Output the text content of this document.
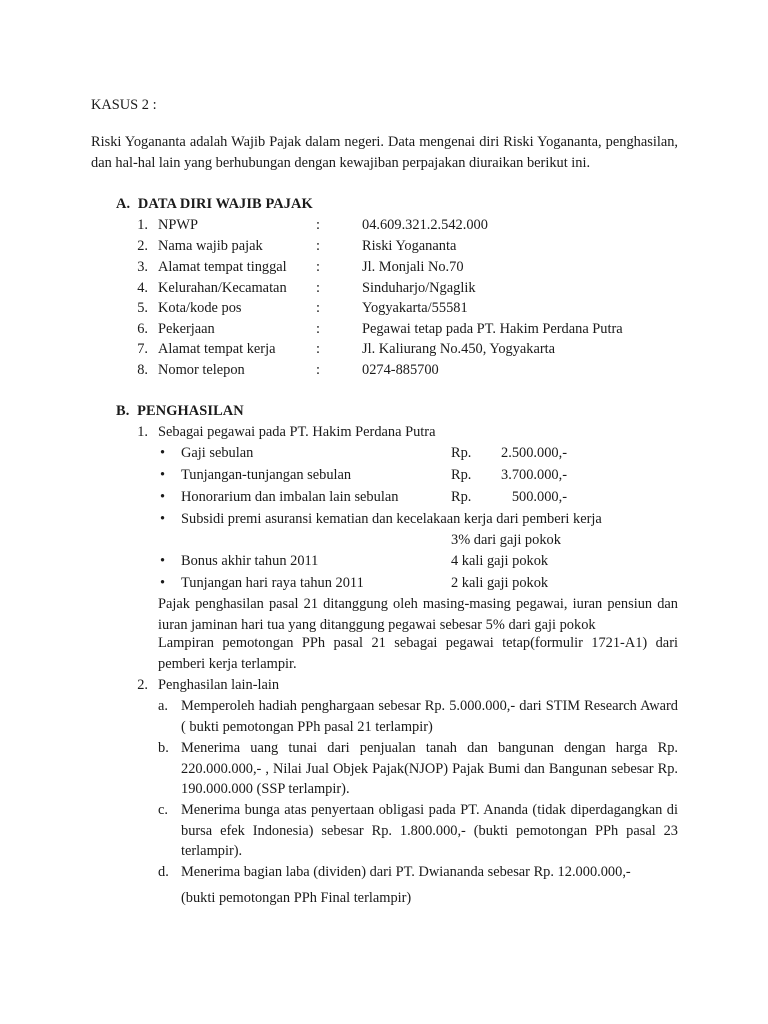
KASUS 2 :
Riski Yogananta adalah Wajib Pajak dalam negeri. Data mengenai diri Riski Yogananta, penghasilan, dan hal-hal lain yang berhubungan dengan kewajiban perpajakan diuraikan berikut ini.
A. DATA DIRI WAJIB PAJAK
1. NPWP	:	04.609.321.2.542.000
2. Nama wajib pajak	:	Riski Yogananta
3. Alamat tempat tinggal :	Jl. Monjali No.70
4. Kelurahan/Kecamatan :	Sinduharjo/Ngaglik
5. Kota/kode pos	:	Yogyakarta/55581
6. Pekerjaan	:	Pegawai tetap pada PT. Hakim Perdana Putra
7. Alamat tempat kerja	:	Jl. Kaliurang No.450, Yogyakarta
8. Nomor telepon	:	0274-885700
B. PENGHASILAN
1. Sebagai pegawai pada PT. Hakim Perdana Putra
• Gaji sebulan	Rp.	2.500.000,-
• Tunjangan-tunjangan sebulan	Rp.	3.700.000,-
• Honorarium dan imbalan lain sebulan	Rp.	500.000,-
• Subsidi premi asuransi kematian dan kecelakaan kerja dari pemberi kerja
3% dari gaji pokok
• Bonus akhir tahun 2011	4 kali gaji pokok
• Tunjangan hari raya tahun 2011	2 kali gaji pokok
Pajak penghasilan pasal 21 ditanggung oleh masing-masing pegawai, iuran pensiun dan iuran jaminan hari tua yang ditanggung pegawai sebesar 5% dari gaji pokok
Lampiran pemotongan PPh pasal 21 sebagai pegawai tetap(formulir 1721-A1) dari pemberi kerja terlampir.
2. Penghasilan lain-lain
a. Memperoleh hadiah penghargaan sebesar Rp. 5.000.000,- dari STIM Research Award ( bukti pemotongan PPh pasal 21 terlampir)
b. Menerima uang tunai dari penjualan tanah dan bangunan dengan harga Rp. 220.000.000,- , Nilai Jual Objek Pajak(NJOP) Pajak Bumi dan Bangunan sebesar Rp. 190.000.000 (SSP terlampir).
c. Menerima bunga atas penyertaan obligasi pada PT. Ananda (tidak diperdagangkan di bursa efek Indonesia) sebesar Rp. 1.800.000,- (bukti pemotongan PPh pasal 23 terlampir).
d. Menerima bagian laba (dividen) dari PT. Dwiananda sebesar Rp. 12.000.000,-
(bukti pemotongan PPh Final terlampir)
